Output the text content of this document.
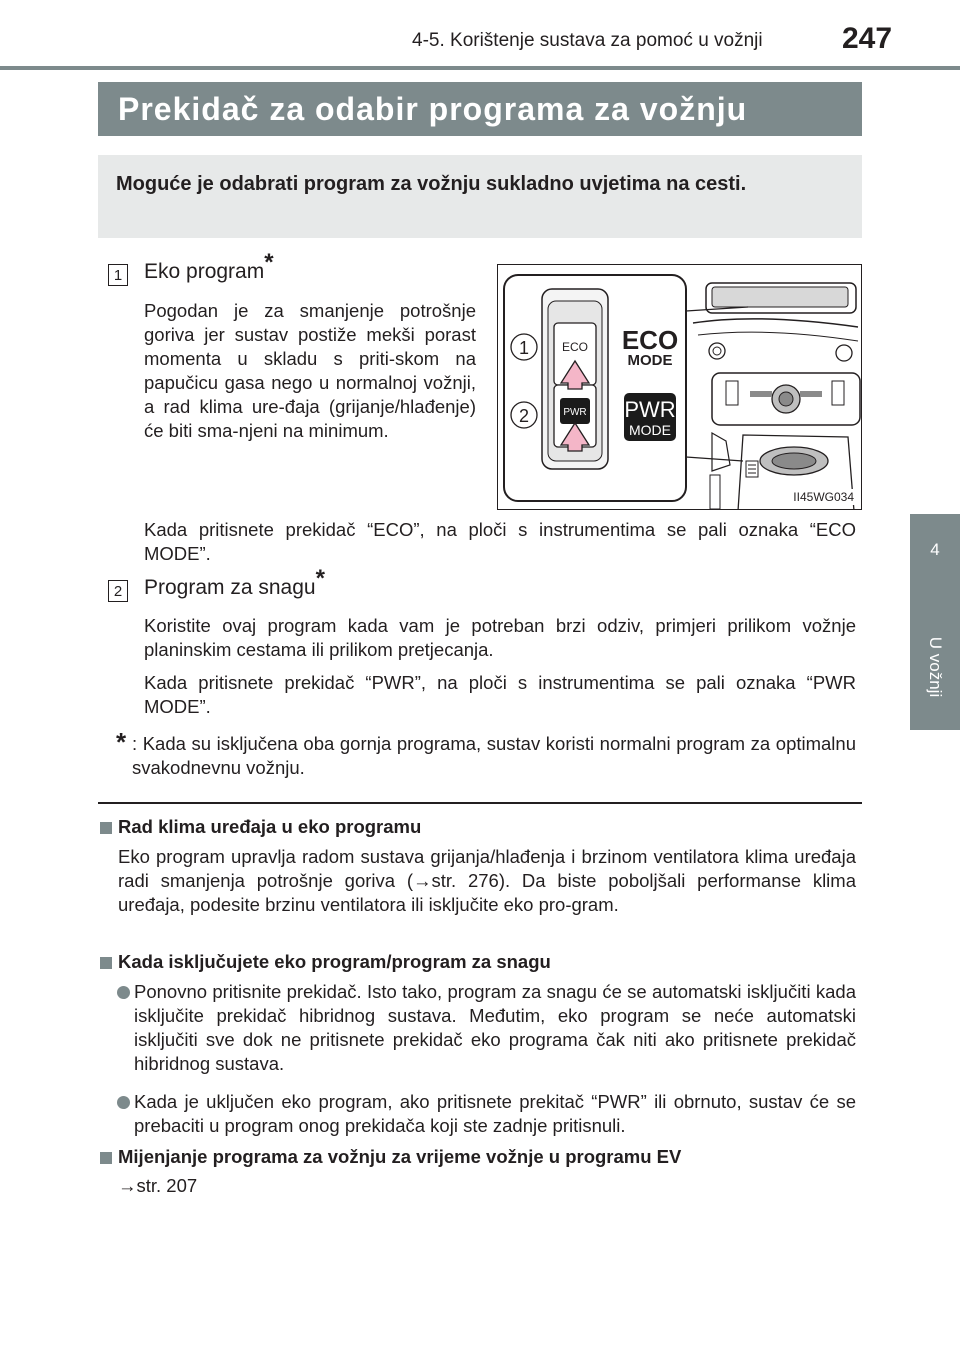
4-5. Korištenje sustava za pomoć u vožnji	247
4
U vožnji
Prekidač za odabir programa za vožnju
Moguće je odabrati program za vožnju sukladno uvjetima na cesti.
1 Eko program*
Pogodan je za smanjenje potrošnje goriva jer sustav postiže mekši porast momenta u skladu s priti-skom na papučicu gasa nego u normalnoj vožnji, a rad klima ure-đaja (grijanje/hlađenje) će biti sma-njeni na minimum.
Kada pritisnete prekidač “ECO”, na ploči s instrumentima se pali oznaka “ECO MODE”.
ECO
PWR
1
2
ECO
MODE
PWR
MODE
II45WG034
2 Program za snagu*
Koristite ovaj program kada vam je potreban brzi odziv, primjeri prilikom vožnje planinskim cestama ili prilikom pretjecanja.
Kada pritisnete prekidač “PWR”, na ploči s instrumentima se pali oznaka “PWR MODE”.
* : Kada su isključena oba gornja programa, sustav koristi normalni program za optimalnu svakodnevnu vožnju.
Rad klima uređaja u eko programu
Eko program upravlja radom sustava grijanja/hlađenja i brzinom ventilatora klima uređaja radi smanjenja potrošnje goriva (→str. 276). Da biste poboljšali performanse klima uređaja, podesite brzinu ventilatora ili isključite eko pro-gram.
Kada isključujete eko program/program za snagu
Ponovno pritisnite prekidač. Isto tako, program za snagu će se automatski isključiti kada isključite prekidač hibridnog sustava. Međutim, eko program se neće automatski isključiti sve dok ne pritisnete prekidač eko programa čak niti ako pritisnete prekidač hibridnog sustava.
Kada je uključen eko program, ako pritisnete prekitač “PWR” ili obrnuto, sustav će se prebaciti u program onog prekidača koji ste zadnje pritisnuli.
Mijenjanje programa za vožnju za vrijeme vožnje u programu EV
→str. 207
